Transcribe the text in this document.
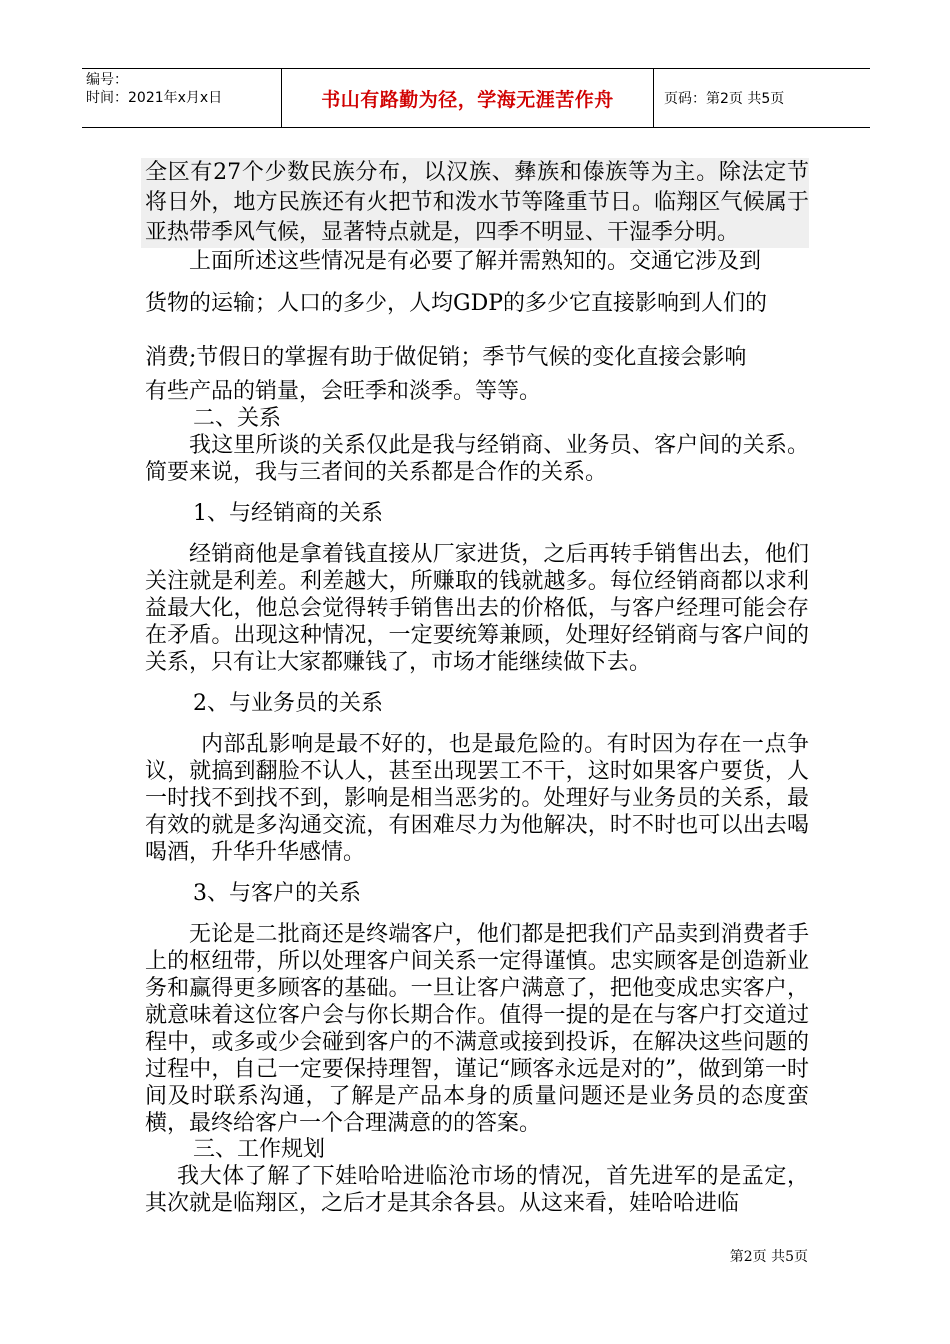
编号：
时间：2021年x月x日	书山有路勤为径，学海无涯苦作舟	页码：第2页 共5页

全区有27个少数民族分布，以汉族、彝族和傣族等为主。除法定节将日外，地方民族还有火把节和泼水节等隆重节日。临翔区气候属于亚热带季风气候，显著特点就是，四季不明显、干湿季分明。

上面所述这些情况是有必要了解并需熟知的。交通它涉及到

货物的运输；人口的多少，人均GDP的多少它直接影响到人们的

消费;节假日的掌握有助于做促销；季节气候的变化直接会影响

有些产品的销量，会旺季和淡季。等等。

二、关系

我这里所谈的关系仅此是我与经销商、业务员、客户间的关系。简要来说，我与三者间的关系都是合作的关系。

1、与经销商的关系

经销商他是拿着钱直接从厂家进货，之后再转手销售出去，他们关注就是利差。利差越大，所赚取的钱就越多。每位经销商都以求利益最大化，他总会觉得转手销售出去的价格低，与客户经理可能会存在矛盾。出现这种情况，一定要统筹兼顾，处理好经销商与客户间的关系，只有让大家都赚钱了，市场才能继续做下去。

2、与业务员的关系

内部乱影响是最不好的，也是最危险的。有时因为存在一点争议，就搞到翻脸不认人，甚至出现罢工不干，这时如果客户要货，人一时找不到找不到，影响是相当恶劣的。处理好与业务员的关系，最有效的就是多沟通交流，有困难尽力为他解决，时不时也可以出去喝喝酒，升华升华感情。

3、与客户的关系

无论是二批商还是终端客户，他们都是把我们产品卖到消费者手上的枢纽带，所以处理客户间关系一定得谨慎。忠实顾客是创造新业务和赢得更多顾客的基础。一旦让客户满意了，把他变成忠实客户，就意味着这位客户会与你长期合作。值得一提的是在与客户打交道过程中，或多或少会碰到客户的不满意或接到投诉，在解决这些问题的过程中，自己一定要保持理智，谨记“顾客永远是对的”，做到第一时间及时联系沟通，了解是产品本身的质量问题还是业务员的态度蛮横，最终给客户一个合理满意的的答案。

三、工作规划

我大体了解了下娃哈哈进临沧市场的情况，首先进军的是孟定，其次就是临翔区，之后才是其余各县。从这来看，娃哈哈进临

第2页 共5页
